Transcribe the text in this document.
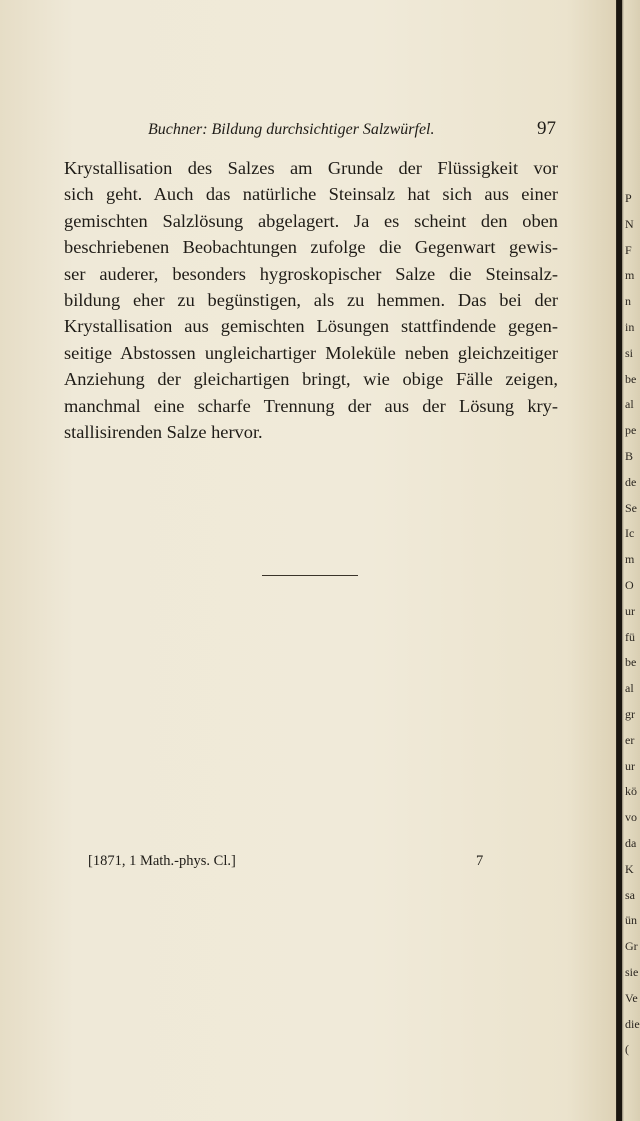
Buchner: Bildung durchsichtiger Salzwürfel.	97
Krystallisation des Salzes am Grunde der Flüssigkeit vor
sich geht. Auch das natürliche Steinsalz hat sich aus einer
gemischten Salzlösung abgelagert. Ja es scheint den oben
beschriebenen Beobachtungen zufolge die Gegenwart gewis-
ser auderer, besonders hygroskopischer Salze die Steinsalz-
bildung eher zu begünstigen, als zu hemmen. Das bei der
Krystallisation aus gemischten Lösungen stattfindende gegen-
seitige Abstossen ungleichartiger Moleküle neben gleichzeitiger
Anziehung der gleichartigen bringt, wie obige Fälle zeigen,
manchmal eine scharfe Trennung der aus der Lösung kry-
stallisirenden Salze hervor.
[1871, 1 Math.-phys. Cl.]	7
P
N
F
m
n
in
si
be
al
pe
B
de
Se
Ic
m
O
ur
fü
be
al
gr
er
ur
kö
vo
da
K
sa
ün
Gr
sie
Ve
die
(
